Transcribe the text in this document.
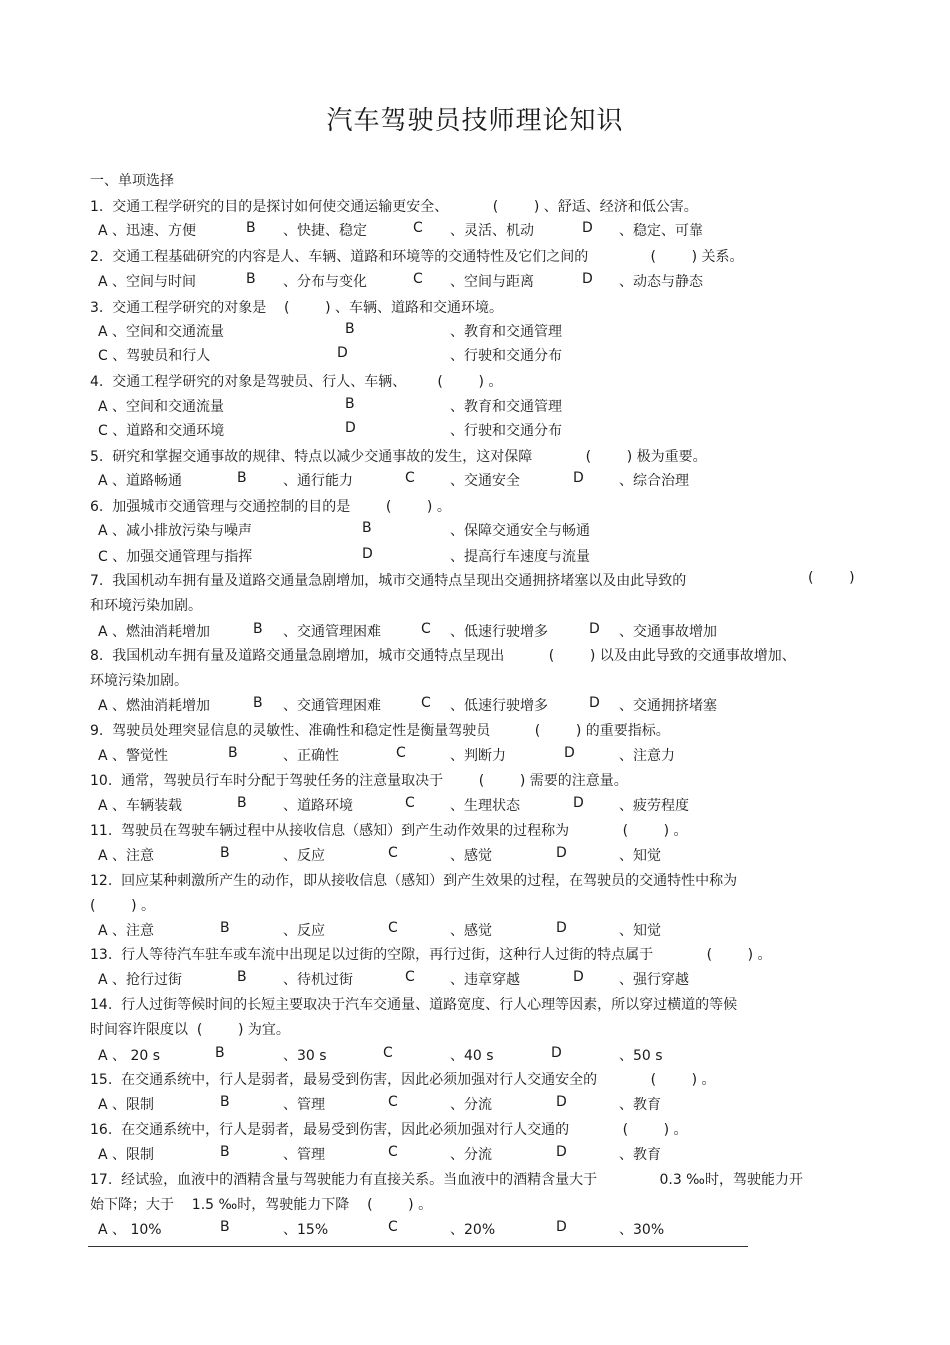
汽车驾驶员技师理论知识
一、单项选择
1.  交通工程学研究的目的是探讨如何使交通运输更安全、          (        ) 、舒适、经济和低公害。
A 、迅速、方便	B 、快捷、稳定	C 、灵活、机动	D 、稳定、可靠
2.  交通工程基础研究的内容是人、车辆、道路和环境等的交通特性及它们之间的              (        ) 关系。
A 、空间与时间	B 、分布与变化	C 、空间与距离	D 、动态与静态
3.  交通工程学研究的对象是    (        ) 、车辆、道路和交通环境。
A 、空间和交通流量	B	、教育和交通管理
C 、驾驶员和行人	D	、行驶和交通分布
4.  交通工程学研究的对象是驾驶员、行人、车辆、       (        ) 。
A 、空间和交通流量	B	、教育和交通管理
C 、道路和交通环境	D	、行驶和交通分布
5.  研究和掌握交通事故的规律、特点以减少交通事故的发生，这对保障            (        ) 极为重要。
A 、道路畅通	B	、通行能力	C	、交通安全	D	、综合治理
6.  加强城市交通管理与交通控制的目的是        (        ) 。
A 、减小排放污染与噪声	B	、保障交通安全与畅通
C 、加强交通管理与指挥	D	、提高行车速度与流量
7.  我国机动车拥有量及道路交通量急剧增加，城市交通特点呈现出交通拥挤堵塞以及由此导致的	(        )
和环境污染加剧。
A 、燃油消耗增加	B 、交通管理困难	C 、低速行驶增多	D 、交通事故增加
8.  我国机动车拥有量及道路交通量急剧增加，城市交通特点呈现出          (        ) 以及由此导致的交通事故增加、
环境污染加剧。
A 、燃油消耗增加	B 、交通管理困难	C 、低速行驶增多	D 、交通拥挤堵塞
9.  驾驶员处理突显信息的灵敏性、准确性和稳定性是衡量驾驶员          (        ) 的重要指标。
A 、警觉性	B	、正确性	C	、判断力	D	、注意力
10.  通常，驾驶员行车时分配于驾驶任务的注意量取决于        (        ) 需要的注意量。
A 、车辆装载	B	、道路环境	C	、生理状态	D	、疲劳程度
11.  驾驶员在驾驶车辆过程中从接收信息（感知）到产生动作效果的过程称为            (        ) 。
A 、注意	B	、反应	C	、感觉	D	、知觉
12.  回应某种刺激所产生的动作，即从接收信息（感知）到产生效果的过程，在驾驶员的交通特性中称为
(        ) 。
A 、注意	B	、反应	C	、感觉	D	、知觉
13.  行人等待汽车驻车或车流中出现足以过街的空隙，再行过街，这种行人过街的特点属于            (        ) 。
A 、抢行过街	B	、待机过街	C	、违章穿越	D	、强行穿越
14.  行人过街等候时间的长短主要取决于汽车交通量、道路宽度、行人心理等因素，所以穿过横道的等候
时间容许限度以  (        ) 为宜。
A 、 20 s	B	、30 s	C	、40 s	D	、50 s
15.  在交通系统中，行人是弱者，最易受到伤害，因此必须加强对行人交通安全的            (        ) 。
A 、限制	B	、管理	C	、分流	D	、教育
16.  在交通系统中，行人是弱者，最易受到伤害，因此必须加强对行人交通的            (        ) 。
A 、限制	B	、管理	C	、分流	D	、教育
17.  经试验，血液中的酒精含量与驾驶能力有直接关系。当血液中的酒精含量大于              0.3 ‰时，驾驶能力开
始下降；大于    1.5 ‰时，驾驶能力下降    (        ) 。
A 、 10%	B	、15%	C	、20%	D	、30%
